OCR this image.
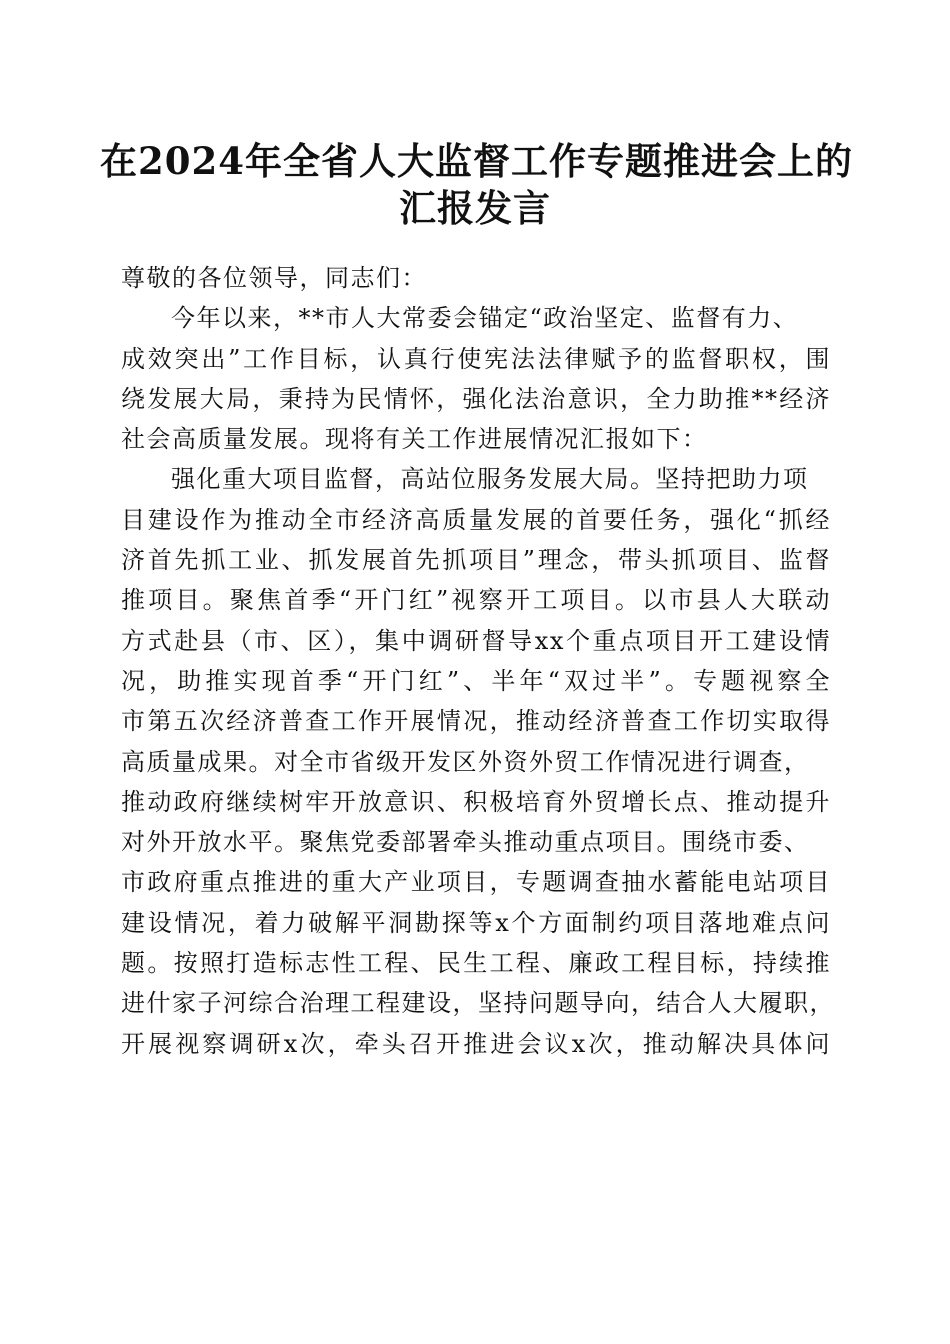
在2024年全省人大监督工作专题推进会上的
汇报发言
尊敬的各位领导，同志们：
今年以来，**市人大常委会锚定“政治坚定、监督有力、
成效突出”工作目标，认真行使宪法法律赋予的监督职权，围
绕发展大局，秉持为民情怀，强化法治意识，全力助推**经济
社会高质量发展。现将有关工作进展情况汇报如下：
强化重大项目监督，高站位服务发展大局。坚持把助力项
目建设作为推动全市经济高质量发展的首要任务，强化“抓经
济首先抓工业、抓发展首先抓项目”理念，带头抓项目、监督
推项目。聚焦首季“开门红”视察开工项目。以市县人大联动
方式赴县（市、区），集中调研督导xx个重点项目开工建设情
况，助推实现首季“开门红”、半年“双过半”。专题视察全
市第五次经济普查工作开展情况，推动经济普查工作切实取得
高质量成果。对全市省级开发区外资外贸工作情况进行调查，
推动政府继续树牢开放意识、积极培育外贸增长点、推动提升
对外开放水平。聚焦党委部署牵头推动重点项目。围绕市委、
市政府重点推进的重大产业项目，专题调查抽水蓄能电站项目
建设情况，着力破解平洞勘探等x个方面制约项目落地难点问
题。按照打造标志性工程、民生工程、廉政工程目标，持续推
进什家子河综合治理工程建设，坚持问题导向，结合人大履职，
开展视察调研x次，牵头召开推进会议x次，推动解决具体问
